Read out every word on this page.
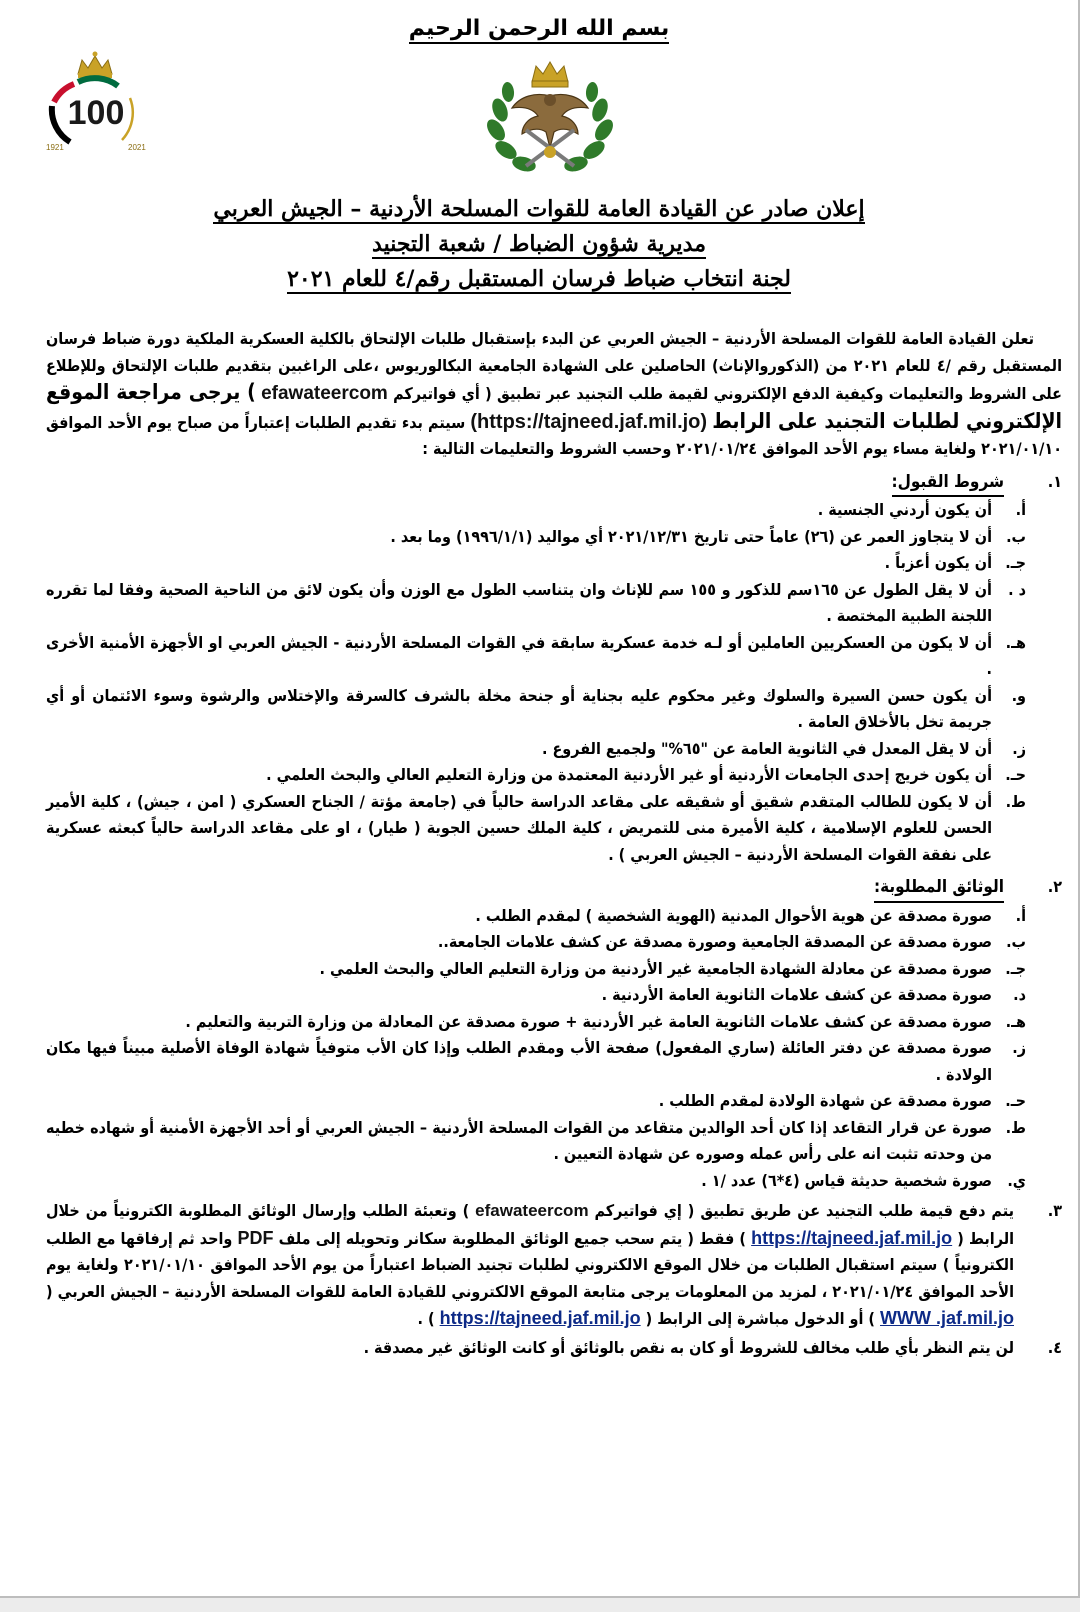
بسم الله الرحمن الرحيم
100
1921	2021
إعلان صادر عن القيادة العامة للقوات المسلحة الأردنية – الجيش العربي
مديرية شؤون الضباط / شعبة التجنيد
لجنة انتخاب ضباط فرسان المستقبل رقم/٤ للعام ٢٠٢١

تعلن القيادة العامة للقوات المسلحة الأردنية – الجيش العربي عن البدء بإستقبال طلبات الإلتحاق بالكلية العسكرية الملكية دورة ضباط فرسان المستقبل رقم /٤ للعام ٢٠٢١ من (الذكوروالإناث) الحاصلين على الشهادة الجامعية البكالوريوس ،على الراغبين بتقديم طلبات الإلتحاق وللإطلاع على الشروط والتعليمات وكيفية الدفع الإلكتروني لقيمة طلب التجنيد عبر تطبيق ( أي فواتيركم efawateercom ) يرجى مراجعة الموقع الإلكتروني لطلبات التجنيد على الرابط (https://tajneed.jaf.mil.jo) سيتم بدء تقديم الطلبات إعتباراً من صباح يوم الأحد الموافق ٢٠٢١/٠١/١٠ ولغاية مساء يوم الأحد الموافق ٢٠٢١/٠١/٢٤ وحسب الشروط والتعليمات التالية :

١.
شروط القبول:
أ.
أن يكون أردني الجنسية .
ب.
أن لا يتجاوز العمر عن (٢٦) عاماً حتى تاريخ ٢٠٢١/١٢/٣١ أي مواليد (١٩٩٦/١/١) وما بعد .
جـ.
أن يكون أعزباً .
د .
أن لا يقل الطول عن ١٦٥سم للذكور و ١٥٥ سم للإناث وان يتناسب الطول مع الوزن وأن يكون لائق من الناحية الصحية وفقا لما تقرره اللجنة الطبية المختصة .
هـ.
أن لا يكون من العسكريين العاملين أو لـه خدمة عسكرية سابقة في القوات المسلحة الأردنية - الجيش العربي او الأجهزة الأمنية الأخرى .
و.
أن يكون حسن السيرة والسلوك وغير محكوم عليه بجناية أو جنحة مخلة بالشرف كالسرقة والإختلاس والرشوة وسوء الائتمان أو أي جريمة تخل بالأخلاق العامة .
ز.
أن لا يقل المعدل في الثانوية العامة عن "٦٥%" ولجميع الفروع .
حـ.
أن يكون خريج إحدى الجامعات الأردنية أو غير الأردنية المعتمدة من وزارة التعليم العالي والبحث العلمي .
ط.
أن لا يكون للطالب المتقدم شقيق أو شقيقه على مقاعد الدراسة حالياً في (جامعة مؤتة / الجناح العسكري ( امن ، جيش) ، كلية الأمير الحسن للعلوم الإسلامية ، كلية الأميرة منى للتمريض ، كلية الملك حسين الجوية ( طيار) ، او على مقاعد الدراسة حالياً كبعثه عسكرية على نفقة القوات المسلحة الأردنية – الجيش العربي ) .
٢.
الوثائق المطلوبة:
أ.
صورة مصدقة عن هوية الأحوال المدنية (الهوية الشخصية ) لمقدم الطلب .
ب.
صورة مصدقة عن المصدقة الجامعية وصورة مصدقة عن كشف علامات الجامعة..
جـ.
صورة مصدقة عن معادلة الشهادة الجامعية غير الأردنية من وزارة التعليم العالي والبحث العلمي .
د.
صورة مصدقة عن كشف علامات الثانوية العامة الأردنية .
هـ.
صورة مصدقة عن كشف علامات الثانوية العامة غير الأردنية + صورة مصدقة عن المعادلة من وزارة التربية والتعليم .
ز.
صورة مصدقة عن دفتر العائلة (ساري المفعول) صفحة الأب ومقدم الطلب وإذا كان الأب متوفياً شهادة الوفاة الأصلية مبيناً فيها مكان الولادة .
حـ.
صورة مصدقة عن شهادة الولادة لمقدم الطلب .
ط.
صورة عن قرار التقاعد إذا كان أحد الوالدين متقاعد من القوات المسلحة الأردنية – الجيش العربي أو أحد الأجهزة الأمنية أو شهاده خطيه من وحدته تثبت انه على رأس عمله وصوره عن شهادة التعيين .
ي.
صورة شخصية حديثة قياس (٤*٦) عدد /١ .
٣.
يتم دفع قيمة طلب التجنيد عن طريق تطبيق ( إي فواتيركم efawateercom ) وتعبئة الطلب وإرسال الوثائق المطلوبة الكترونياً من خلال الرابط ( https://tajneed.jaf.mil.jo ) فقط ( يتم سحب جميع الوثائق المطلوبة سكانر وتحويله إلى ملف PDF واحد ثم إرفاقها مع الطلب الكترونياً ) سيتم استقبال الطلبات من خلال الموقع الالكتروني لطلبات تجنيد الضباط اعتباراً من يوم الأحد الموافق ٢٠٢١/٠١/١٠ ولغاية يوم الأحد الموافق ٢٠٢١/٠١/٢٤ ، لمزيد من المعلومات يرجى متابعة الموقع الالكتروني للقيادة العامة للقوات المسلحة الأردنية – الجيش العربي ( WWW .jaf.mil.jo ) أو الدخول مباشرة إلى الرابط ( https://tajneed.jaf.mil.jo ) .
٤.
لن يتم النظر بأي طلب مخالف للشروط أو كان به نقص بالوثائق أو كانت الوثائق غير مصدقة .
